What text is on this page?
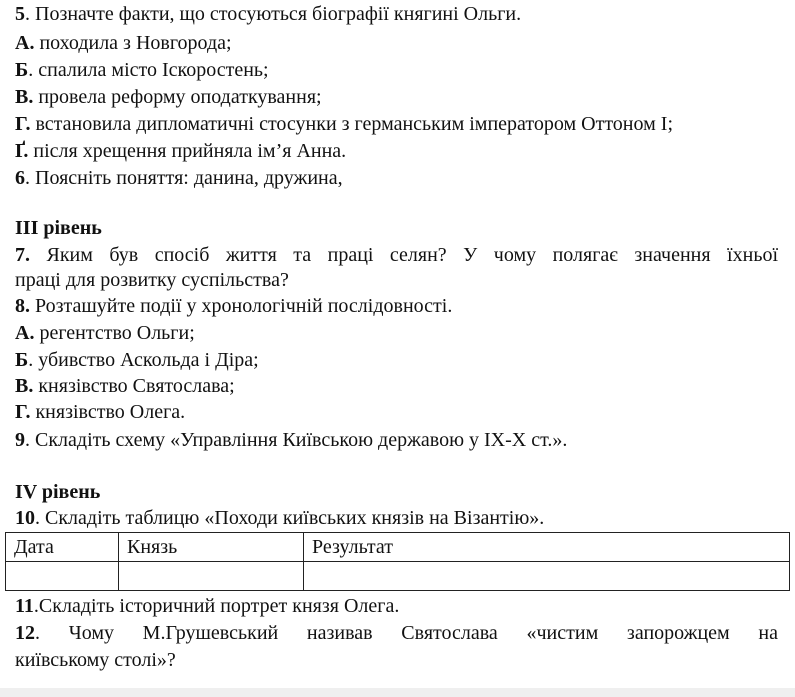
5. Позначте факти, що стосуються біографії княгині Ольги.
А. походила з Новгорода;
Б. спалила місто Іскоростень;
В. провела реформу оподаткування;
Г. встановила дипломатичні стосунки з германським імператором Оттоном І;
Ґ. після хрещення прийняла ім’я Анна.
6. Поясніть поняття: данина, дружина,
ІІІ рівень
7. Яким був спосіб життя та праці селян? У чому полягає значення їхньої
праці для розвитку суспільства?
8. Розташуйте події у хронологічній послідовності.
А. регентство Ольги;
Б. убивство Аскольда і Діра;
В. князівство Святослава;
Г. князівство Олега.
9. Складіть схему «Управління Київською державою у ІХ-Х ст.».
ІV рівень
10. Складіть таблицю «Походи київських князів на Візантію».
Дата	Князь	Результат

11.Складіть історичний портрет князя Олега.
12. Чому М.Грушевський називав Святослава «чистим запорожцем на
київському столі»?
